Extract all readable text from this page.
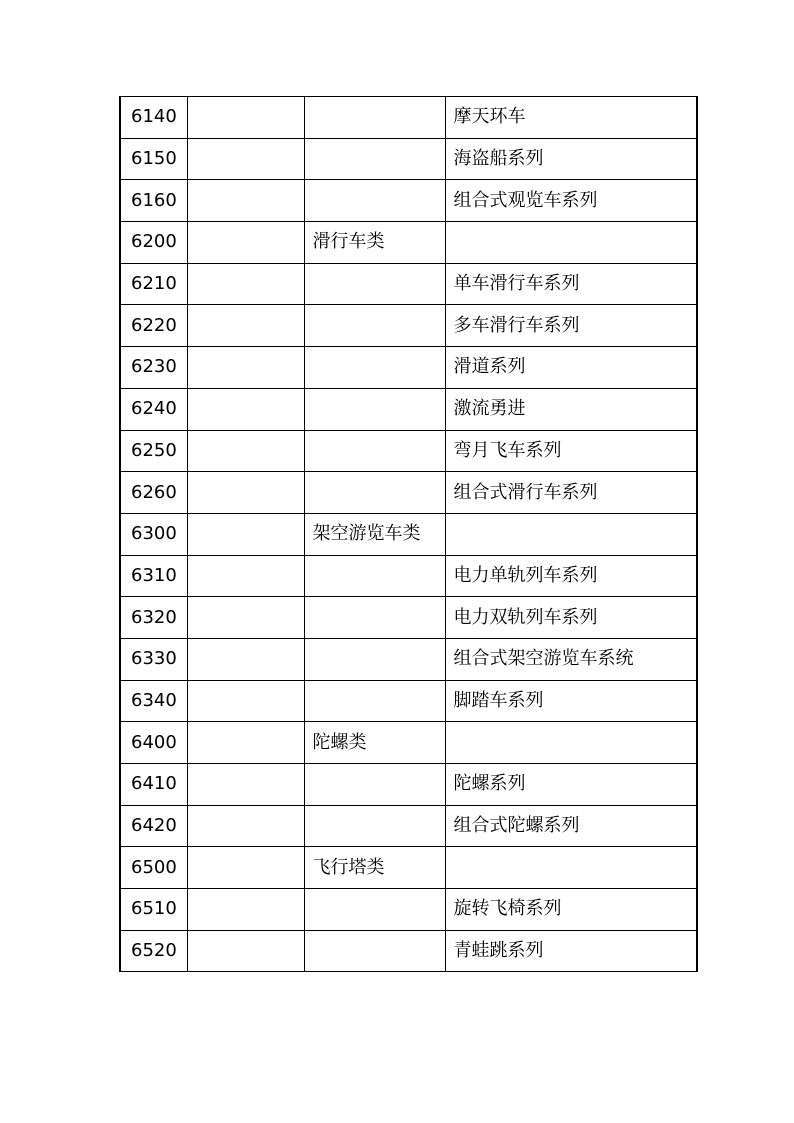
6140			摩天环车
6150			海盗船系列
6160			组合式观览车系列
6200		滑行车类	
6210			单车滑行车系列
6220			多车滑行车系列
6230			滑道系列
6240			激流勇进
6250			弯月飞车系列
6260			组合式滑行车系列
6300		架空游览车类	
6310			电力单轨列车系列
6320			电力双轨列车系列
6330			组合式架空游览车系统
6340			脚踏车系列
6400		陀螺类	
6410			陀螺系列
6420			组合式陀螺系列
6500		飞行塔类	
6510			旋转飞椅系列
6520			青蛙跳系列
